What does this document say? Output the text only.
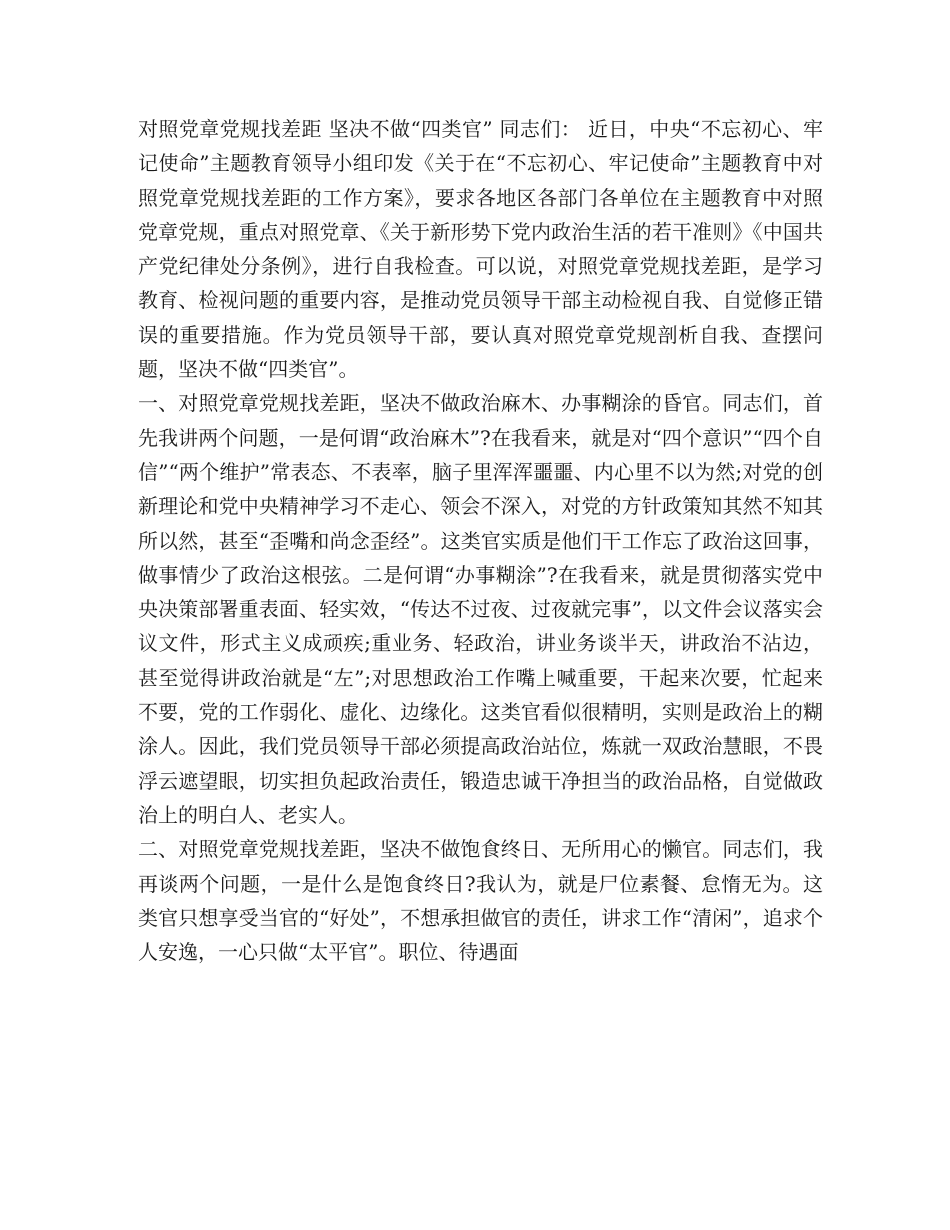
对照党章党规找差距 坚决不做“四类官” 同志们： 近日，中央“不忘初心、牢记使命”主题教育领导小组印发《关于在“不忘初心、牢记使命”主题教育中对照党章党规找差距的工作方案》，要求各地区各部门各单位在主题教育中对照党章党规，重点对照党章、《关于新形势下党内政治生活的若干准则》《中国共产党纪律处分条例》，进行自我检查。可以说，对照党章党规找差距，是学习教育、检视问题的重要内容，是推动党员领导干部主动检视自我、自觉修正错误的重要措施。作为党员领导干部，要认真对照党章党规剖析自我、查摆问题，坚决不做“四类官”。

一、对照党章党规找差距，坚决不做政治麻木、办事糊涂的昏官。同志们，首先我讲两个问题，一是何谓“政治麻木”?在我看来，就是对“四个意识”“四个自信”“两个维护”常表态、不表率，脑子里浑浑噩噩、内心里不以为然;对党的创新理论和党中央精神学习不走心、领会不深入，对党的方针政策知其然不知其所以然，甚至“歪嘴和尚念歪经”。这类官实质是他们干工作忘了政治这回事，做事情少了政治这根弦。二是何谓“办事糊涂”?在我看来，就是贯彻落实党中央决策部署重表面、轻实效，“传达不过夜、过夜就完事”，以文件会议落实会议文件，形式主义成顽疾;重业务、轻政治，讲业务谈半天，讲政治不沾边，甚至觉得讲政治就是“左”;对思想政治工作嘴上喊重要，干起来次要，忙起来不要，党的工作弱化、虚化、边缘化。这类官看似很精明，实则是政治上的糊涂人。因此，我们党员领导干部必须提高政治站位，炼就一双政治慧眼，不畏浮云遮望眼，切实担负起政治责任，锻造忠诚干净担当的政治品格，自觉做政治上的明白人、老实人。

二、对照党章党规找差距，坚决不做饱食终日、无所用心的懒官。同志们，我再谈两个问题，一是什么是饱食终日?我认为，就是尸位素餐、怠惰无为。这类官只想享受当官的“好处”，不想承担做官的责任，讲求工作“清闲”，追求个人安逸，一心只做“太平官”。职位、待遇面
